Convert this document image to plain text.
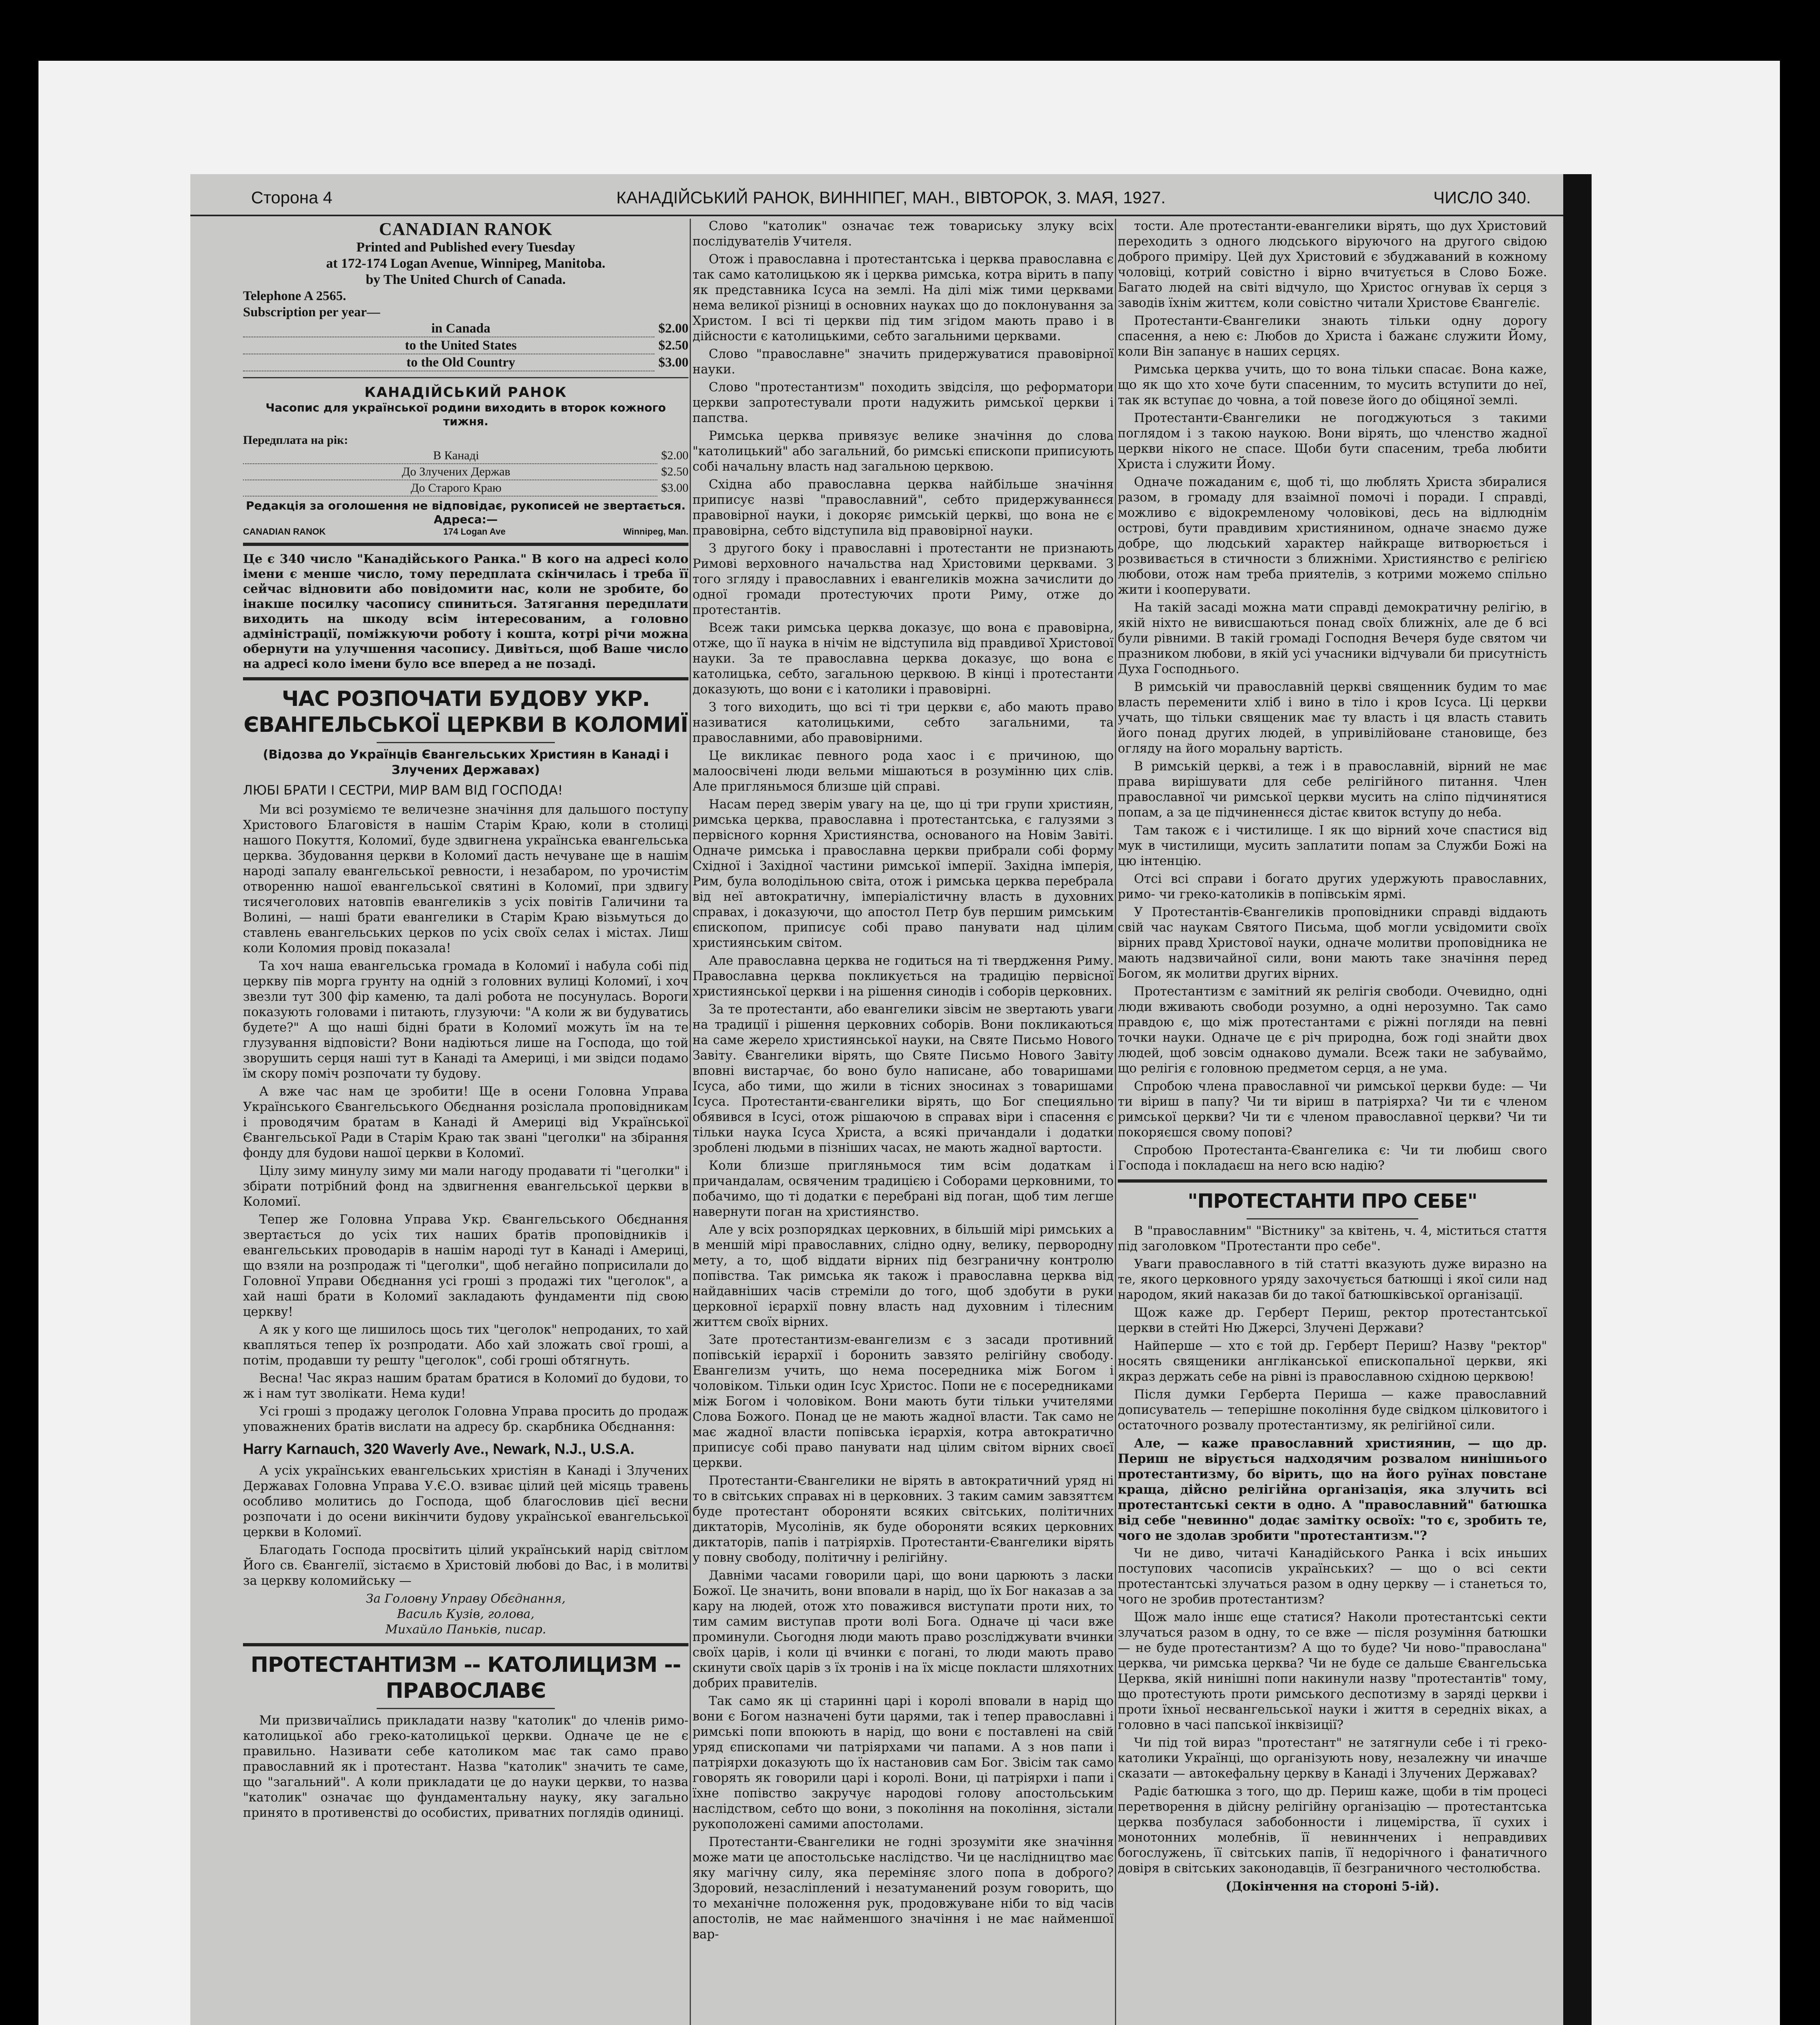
Сторона 4	КАНАДІЙСЬКИЙ РАНОК, ВИННІПЕГ, МАН., ВІВТОРОК, 3. МАЯ, 1927.	ЧИСЛО 340.
CANADIAN RANOK
Printed and Published every Tuesday
at 172-174 Logan Avenue, Winnipeg, Manitoba.
by The United Church of Canada.
Telephone A 2565.
Subscription per year—
in Canada	$2.00
to the United States	$2.50
to the Old Country	$3.00
КАНАДІЙСЬКИЙ РАНОК
Часопис для української родини виходить в второк кожного тижня.
Передплата на рік:
В Канаді	$2.00
До Злучених Держав	$2.50
До Старого Краю	$3.00
Редакція за оголошення не відповідає, рукописей не звертається.
Адреса:—
CANADIAN RANOK	174 Logan Ave	Winnipeg, Man.
Це є 340 число "Канадійського Ранка." В кого на адресі коло імени є менше число, тому передплата скінчилась і треба її сейчас відновити або повідомити нас, коли не зробите, бо інакше посилку часопису спиниться. Затягання передплати виходить на шкоду всім інтересованим, а головно адміністрації, поміжкуючи роботу і кошта, котрі річи можна обернути на улучшення часопису. Дивіться, щоб Ваше число на адресі коло імени було все вперед а не позаді.
ЧАС РОЗПОЧАТИ БУДОВУ УКР. ЄВАНГЕЛЬСЬКОЇ ЦЕРКВИ В КОЛОМИЇ
(Відозва до Українців Євангельських Християн в Канаді і Злучених Державах)
ЛЮБІ БРАТИ І СЕСТРИ, МИР ВАМ ВІД ГОСПОДА!

Ми всі розуміємо те величезне значіння для дальшого поступу Христового Благовістя в нашім Старім Краю, коли в столиці нашого Покуття, Коломиї, буде здвигнена українська евангельська церква. Збудовання церкви в Коломиї дасть нечуване ще в нашім народі запалу евангельської ревности, і незабаром, по урочистім отворенню нашої евангельської святині в Коломиї, при здвигу тисячеголових натовпів евангеликів з усіх повітів Галичини та Волині, — наші брати евангелики в Старім Краю візьмуться до ставлень евангельських церков по усіх своїх селах і містах. Лиш коли Коломия провід показала!

Та хоч наша евангельська громада в Коломиї і набула собі під церкву пів морга грунту на одній з головних вулиці Коломиї, і хоч звезли тут 300 фір каменю, та далі робота не посунулась. Вороги показують головами і питають, глузуючи: "А коли ж ви будуватись будете?" А що наші бідні брати в Коломиї можуть їм на те глузування відповісти? Вони надіються лише на Господа, що той зворушить серця наші тут в Канаді та Америці, і ми звідси подамо їм скору поміч розпочати ту будову.

А вже час нам це зробити! Ще в осени Головна Управа Українського Євангельського Обєднання розіслала проповідникам і проводячим братам в Канаді й Америці від Української Євангельської Ради в Старім Краю так звані "цеголки" на збірання фонду для будови нашої церкви в Коломиї.

Цілу зиму минулу зиму ми мали нагоду продавати ті "цеголки" і збірати потрібний фонд на здвигнення евангельської церкви в Коломиї.

Тепер же Головна Управа Укр. Євангельського Обєднання звертається до усіх тих наших братів проповідників і евангельських проводарів в нашім народі тут в Канаді і Америці, що взяли на розпродаж ті "цеголки", щоб негайно поприсилали до Головної Управи Обєднання усі гроші з продажі тих "цеголок", а хай наші брати в Коломиї закладають фундаменти під свою церкву!

А як у кого ще лишилось щось тих "цеголок" непроданих, то хай квапляться тепер їх розпродати. Або хай зложать свої гроші, а потім, продавши ту решту "цеголок", собі гроші обтягнуть.

Весна! Час якраз нашим братам братися в Коломиї до будови, то ж і нам тут зволікати. Нема куди!

Усі гроші з продажу цеголок Головна Управа просить до продаж уповажнених братів вислати на адресу бр. скарбника Обєднання:

Harry Karnauch, 320 Waverly Ave., Newark, N.J., U.S.A.

А усіх українських евангельських христіян в Канаді і Злучених Державах Головна Управа У.Є.О. взиває цілий цей місяць травень особливо молитись до Господа, щоб благословив цієї весни розпочати і до осени викінчити будову української евангельської церкви в Коломиї.

Благодать Господа просвітить цілий український нарід світлом Його св. Євангелії, зістаємо в Христовій любові до Вас, і в молитві за церкву коломийську —

За Головну Управу Обєднання,
Василь Кузів, голова,
Михайло Паньків, писар.
ПРОТЕСТАНТИЗМ -- КАТОЛИЦИЗМ -- ПРАВОСЛАВЄ

Ми призвичаїлись прикладати назву "католик" до членів римо-католицької або греко-католицької церкви. Одначе це не є правильно. Називати себе католиком має так само право православний як і протестант. Назва "католик" значить те саме, що "загальний". А коли прикладати це до науки церкви, то назва "католик" означає що фундаментальну науку, яку загально принято в противенстві до особистих, приватних поглядів одиниці.

Слово "католик" означає теж товариську злуку всіх послідувателів Учителя.

Отож і православна і протестантська і церква православна є так само католицькою як і церква римська, котра вірить в папу як представника Ісуса на землі. На ділі між тими церквами нема великої різниці в основних науках що до поклонування за Христом. І всі ті церкви під тим згідом мають право і в дійсности є католицькими, себто загальними церквами.

Слово "православне" значить придержуватися правовірної науки.

Слово "протестантизм" походить звідсіля, що реформатори церкви запротестували проти надужить римської церкви і папства.

Римська церква привязує велике значіння до слова "католицький" або загальний, бо римські єпископи приписують собі начальну власть над загальною церквою.

Східна або православна церква найбільше значіння приписує назві "православний", себто придержуваннєся правовірної науки, і докоряє римській церкві, що вона не є правовірна, себто відступила від правовірної науки.

З другого боку і православні і протестанти не признають Римові верховного начальства над Христовими церквами. З того згляду і православних і евангеликів можна зачислити до одної громади протестуючих проти Риму, отже до протестантів.

Всеж таки римська церква доказує, що вона є правовірна, отже, що її наука в нічім не відступила від правдивої Христової науки. За те православна церква доказує, що вона є католицька, себто, загальною церквою. В кінці і протестанти доказують, що вони є і католики і правовірні.

З того виходить, що всі ті три церкви є, або мають право називатися католицькими, себто загальними, та православними, або правовірними.

Це викликає певного рода хаос і є причиною, що малоосвічені люди вельми мішаються в розумінню цих слів. Але пригляньмося близше цій справі.

Насам перед зверім увагу на це, що ці три групи християн, римська церква, православна і протестантська, є галузями з первісного корння Християнства, основаного на Новім Завіті. Одначе римська і православна церкви прибрали собі форму Східної і Західної частини римської імперії. Західна імперія, Рим, була володільною світа, отож і римська церква перебрала від неї автократичну, імперіалістичну власть в духовних справах, і доказуючи, що апостол Петр був першим римським єпископом, приписує собі право панувати над цілим християнським світом.

Але православна церква не годиться на ті твердження Риму. Православна церква покликується на традицію первісної християнської церкви і на рішення синодів і соборів церковних.

За те протестанти, або евангелики зівсім не звертають уваги на традиції і рішення церковних соборів. Вони покликаються на саме жерело християнської науки, на Святе Письмо Нового Завіту. Євангелики вірять, що Святе Письмо Нового Завіту вповні вистарчає, бо воно було написане, або товаришами Ісуса, або тими, що жили в тісних зносинах з товаришами Ісуса. Протестанти-євангелики вірять, що Бог специяльно обявився в Ісусі, отож рішаючою в справах віри і спасення є тільки наука Ісуса Христа, а всякі причандали і додатки зроблені людьми в пізніших часах, не мають жадної вартости.

Коли близше пригляньмося тим всім додаткам і причандалам, освяченим традицією і Соборами церковними, то побачимо, що ті додатки є перебрані від поган, щоб тим легше навернути поган на християнство.

Але у всіх розпорядках церковних, в більшій мірі римських а в меншій мірі православних, слідно одну, велику, первородну мету, а то, щоб віддати вірних під безграничну контролю попівства. Так римська як також і православна церква від найдавніших часів стреміли до того, щоб здобути в руки церковної ієрархії повну власть над духовним і тілесним життєм своїх вірних.

Зате протестантизм-евангелизм є з засади противний попівській ієрархії і боронить завзято релігійну свободу. Евангелизм учить, що нема посередника між Богом і чоловіком. Тільки один Ісус Христос. Попи не є посередниками між Богом і чоловіком. Вони мають бути тільки учителями Слова Божого. Понад це не мають жадної власти. Так само не має жадної власти попівська ієрархія, котра автократично приписує собі право панувати над цілим світом вірних своєї церкви.

Протестанти-Євангелики не вірять в автократичний уряд ні то в світських справах ні в церковних. З таким самим завзяттєм буде протестант обороняти всяких світських, політичних диктаторів, Мусолінів, як буде обороняти всяких церковних диктаторів, папів і патріярхів. Протестанти-Євангелики вірять у повну свободу, політичну і релігійну.

Давніми часами говорили царі, що вони царюють з ласки Божої. Це значить, вони вповали в нарід, що їх Бог наказав а за кару на людей, отож хто поважився виступати проти них, то тим самим виступав проти волі Бога. Одначе ці часи вже проминули. Сьогодня люди мають право розсліджувати вчинки своїх царів, і коли ці вчинки є погані, то люди мають право скинути своїх царів з їх тронів і на їх місце покласти шляхотних добрих правителів.

Так само як ці старинні царі і королі вповали в нарід що вони є Богом назначені бути царями, так і тепер православні і римські попи впоюють в нарід, що вони є поставлені на свій уряд єпископами чи патріярхами чи папами. А з нов папи і патріярхи доказують що їх настановив сам Бог. Звісім так само говорять як говорили царі і королі. Вони, ці патріярхи і папи і їхне попівство закручує народові голову апостольським наслідством, себто що вони, з покоління на покоління, зістали рукоположені самими апостолами.

Протестанти-Євангелики не годні зрозуміти яке значіння може мати це апостольське наслідство. Чи це наслідництво має яку магічну силу, яка переміняє злого попа в доброго? Здоровий, незасліплений і незатуманений розум говорить, що то механічне положення рук, продовжуване ніби то від часів апостолів, не має найменшого значіння і не має найменшої вар-

тости. Але протестанти-евангелики вірять, що дух Христовий переходить з одного людського віруючого на другого свідою доброго приміру. Цей дух Христовий є збуджаваний в кожному чоловіці, котрий совістно і вірно вчитується в Слово Боже. Багато людей на світі відчуло, що Христос огнував їх серця з заводів їхнім життєм, коли совістно читали Христове Євангеліє.

Протестанти-Євангелики знають тільки одну дорогу спасення, а нею є: Любов до Христа і бажанє служити Йому, коли Він запанує в наших серцях.

Римська церква учить, що то вона тільки спасає. Вона каже, що як що хто хоче бути спасенним, то мусить вступити до неї, так як вступає до човна, а той повезе його до обіцяної землі.

Протестанти-Євангелики не погоджуються з такими поглядом і з такою наукою. Вони вірять, що членство жадної церкви нікого не спасе. Щоби бути спасеним, треба любити Христа і служити Йому.

Одначе пожаданим є, щоб ті, що люблять Христа збиралися разом, в громаду для взаімної помочі і поради. І справді, можливо є відокремленому чоловікові, десь на відлюднім острові, бути правдивим християнином, одначе знаємо дуже добре, що людський характер найкраще витворюється і розвивається в стичности з ближніми. Християнство є релігією любови, отож нам треба приятелів, з котрими можемо спільно жити і кооперувати.

На такій засаді можна мати справді демократичну релігію, в якій ніхто не вивисшаються понад своїх ближніх, але де б всі були рівними. В такій громаді Господня Вечеря буде святом чи празником любови, в якій усі учасники відчували би присутність Духа Господнього.

В римській чи православній церкві священник будим то має власть переменити хліб і вино в тіло і кров Ісуса. Ці церкви учать, що тільки священик має ту власть і ця власть ставить його понад других людей, в упривілійоване становище, без огляду на його моральну вартість.

В римській церкві, а теж і в православній, вірний не має права вирішувати для себе релігійного питання. Член православної чи римської церкви мусить на сліпо підчинятися попам, а за це підчиненнєся дістає квиток вступу до неба.

Там також є і чистилище. І як що вірний хоче спастися від мук в чистилищи, мусить заплатити попам за Служби Божі на цю інтенцію.

Отсі всі справи і богато других удержують православних, римо- чи греко-католиків в попівськім ярмі.

У Протестантів-Євангеликів проповідники справді віддають свій час наукам Святого Письма, щоб могли усвідомити своїх вірних правд Христової науки, одначе молитви проповідника не мають надзвичайної сили, вони мають таке значіння перед Богом, як молитви других вірних.

Протестантизм є замітний як релігія свободи. Очевидно, одні люди вживають свободи розумно, а одні нерозумно. Так само правдою є, що між протестантами є ріжні погляди на певні точки науки. Одначе це є річ природна, бож годі знайти двох людей, щоб зовсім однаково думали. Всеж таки не забуваймо, що релігія є головною предметом серця, а не ума.

Спробою члена православної чи римської церкви буде: — Чи ти віриш в папу? Чи ти віриш в патріярха? Чи ти є членом римської церкви? Чи ти є членом православної церкви? Чи ти покоряєшся свому попові?

Спробою Протестанта-Євангелика є: Чи ти любиш свого Господа і покладаєш на него всю надію?

"ПРОТЕСТАНТИ ПРО СЕБЕ"

В "православним" "Вістнику" за квітень, ч. 4, міститься стаття під заголовком "Протестанти про себе".

Уваги православного в тій статті вказують дуже виразно на те, якого церковного уряду захочується батюшці і якої сили над народом, який наказав би до такої батюшківської організації.

Щож каже др. Герберт Периш, ректор протестантської церкви в стейті Ню Джерсі, Злучені Держави?

Найперше — хто є той др. Герберт Периш? Назву "ректор" носять священики англіканської епископальної церкви, які якраз держать себе на рівні із православною східною церквою!

Після думки Герберта Периша — каже православний дописуватель — теперішне покоління буде свідком цілковитого і остаточного розвалу протестантизму, як релігійної сили.

Але, — каже православний християнин, — що др. Периш не вірується надходячим розвалом нинішнього протестантизму, бо вірить, що на його руїнах повстане краща, дійсно релігійна організація, яка злучить всі протестантські секти в одно. А "православний" батюшка від себе "невинно" додає замітку освоїх: "то є, зробить те, чого не здолав зробити "протестантизм."?

Чи не диво, читачі Канадійського Ранка і всіх иньших поступових часописів українських? — що о всі секти протестантські злучаться разом в одну церкву — і станеться то, чого не зробив протестантизм?

Щож мало іншє еще статися? Наколи протестантські секти злучаться разом в одну, то се вже — після розуміння батюшки — не буде протестантизм? А що то буде? Чи ново-"правослана" церква, чи римська церква? Чи не буде се дальше Євангельська Церква, якій нинішні попи накинули назву "протестантів" тому, що протестують проти римського деспотизму в заряді церкви і проти їхньої несвангельської науки і життя в середніх віках, а головно в часі папської інквізиції?

Чи під той вираз "протестант" не затягнули себе і ті греко-католики Українці, що організують нову, незалежну чи иначше сказати — автокефальну церкву в Канаді і Злучених Державах?

Радіє батюшка з того, що др. Периш каже, щоби в тім процесі перетворення в дійсну релігійну організацію — протестантська церква позбулася забобонности і лицемірства, її сухих і монотонних молебнів, її невиннчених і неправдивих богослужень, її світських папів, її недорічного і фанатичного довіря в світських законодавців, її безграничного честолюбства.

(Докінчення на стороні 5-ій).
